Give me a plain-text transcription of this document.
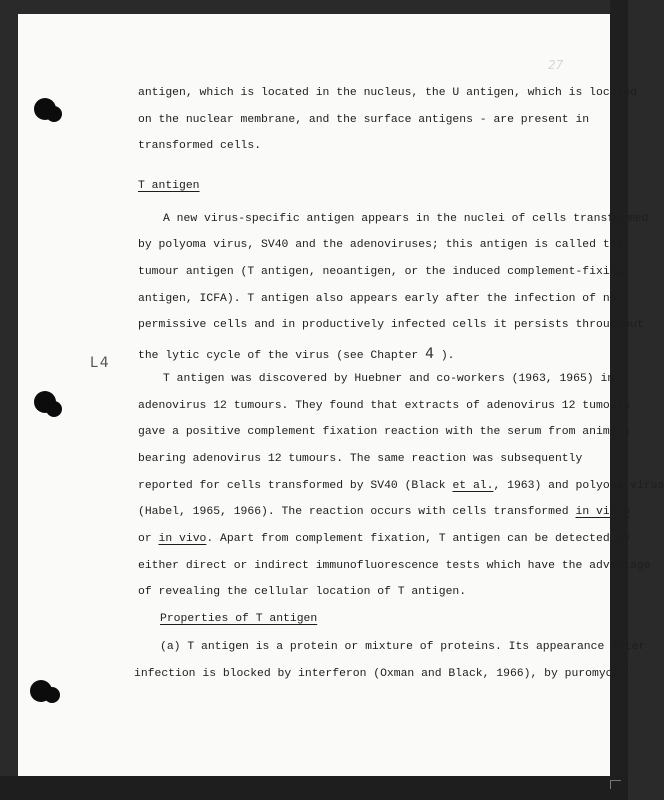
27
L4
antigen, which is located in the nucleus, the U antigen, which is located
on the nuclear membrane, and the surface antigens - are present in
transformed cells.
T antigen
A new virus-specific antigen appears in the nuclei of cells transformed
by polyoma virus, SV40 and the adenoviruses; this antigen is called the
tumour antigen (T antigen, neoantigen, or the induced complement-fixing
antigen, ICFA). T antigen also appears early after the infection of non-
permissive cells and in productively infected cells it persists throughout
the lytic cycle of the virus (see Chapter 4 ).
T antigen was discovered by Huebner and co-workers (1963, 1965) in
adenovirus 12 tumours. They found that extracts of adenovirus 12 tumours
gave a positive complement fixation reaction with the serum from animals
bearing adenovirus 12 tumours. The same reaction was subsequently
reported for cells transformed by SV40 (Black et al., 1963) and polyoma virus
(Habel, 1965, 1966). The reaction occurs with cells transformed in vitro
or in vivo. Apart from complement fixation, T antigen can be detected by
either direct or indirect immunofluorescence tests which have the advantage
of revealing the cellular location of T antigen.
Properties of T antigen
(a) T antigen is a protein or mixture of proteins. Its appearance after
infection is blocked by interferon (Oxman and Black, 1966), by puromycin
